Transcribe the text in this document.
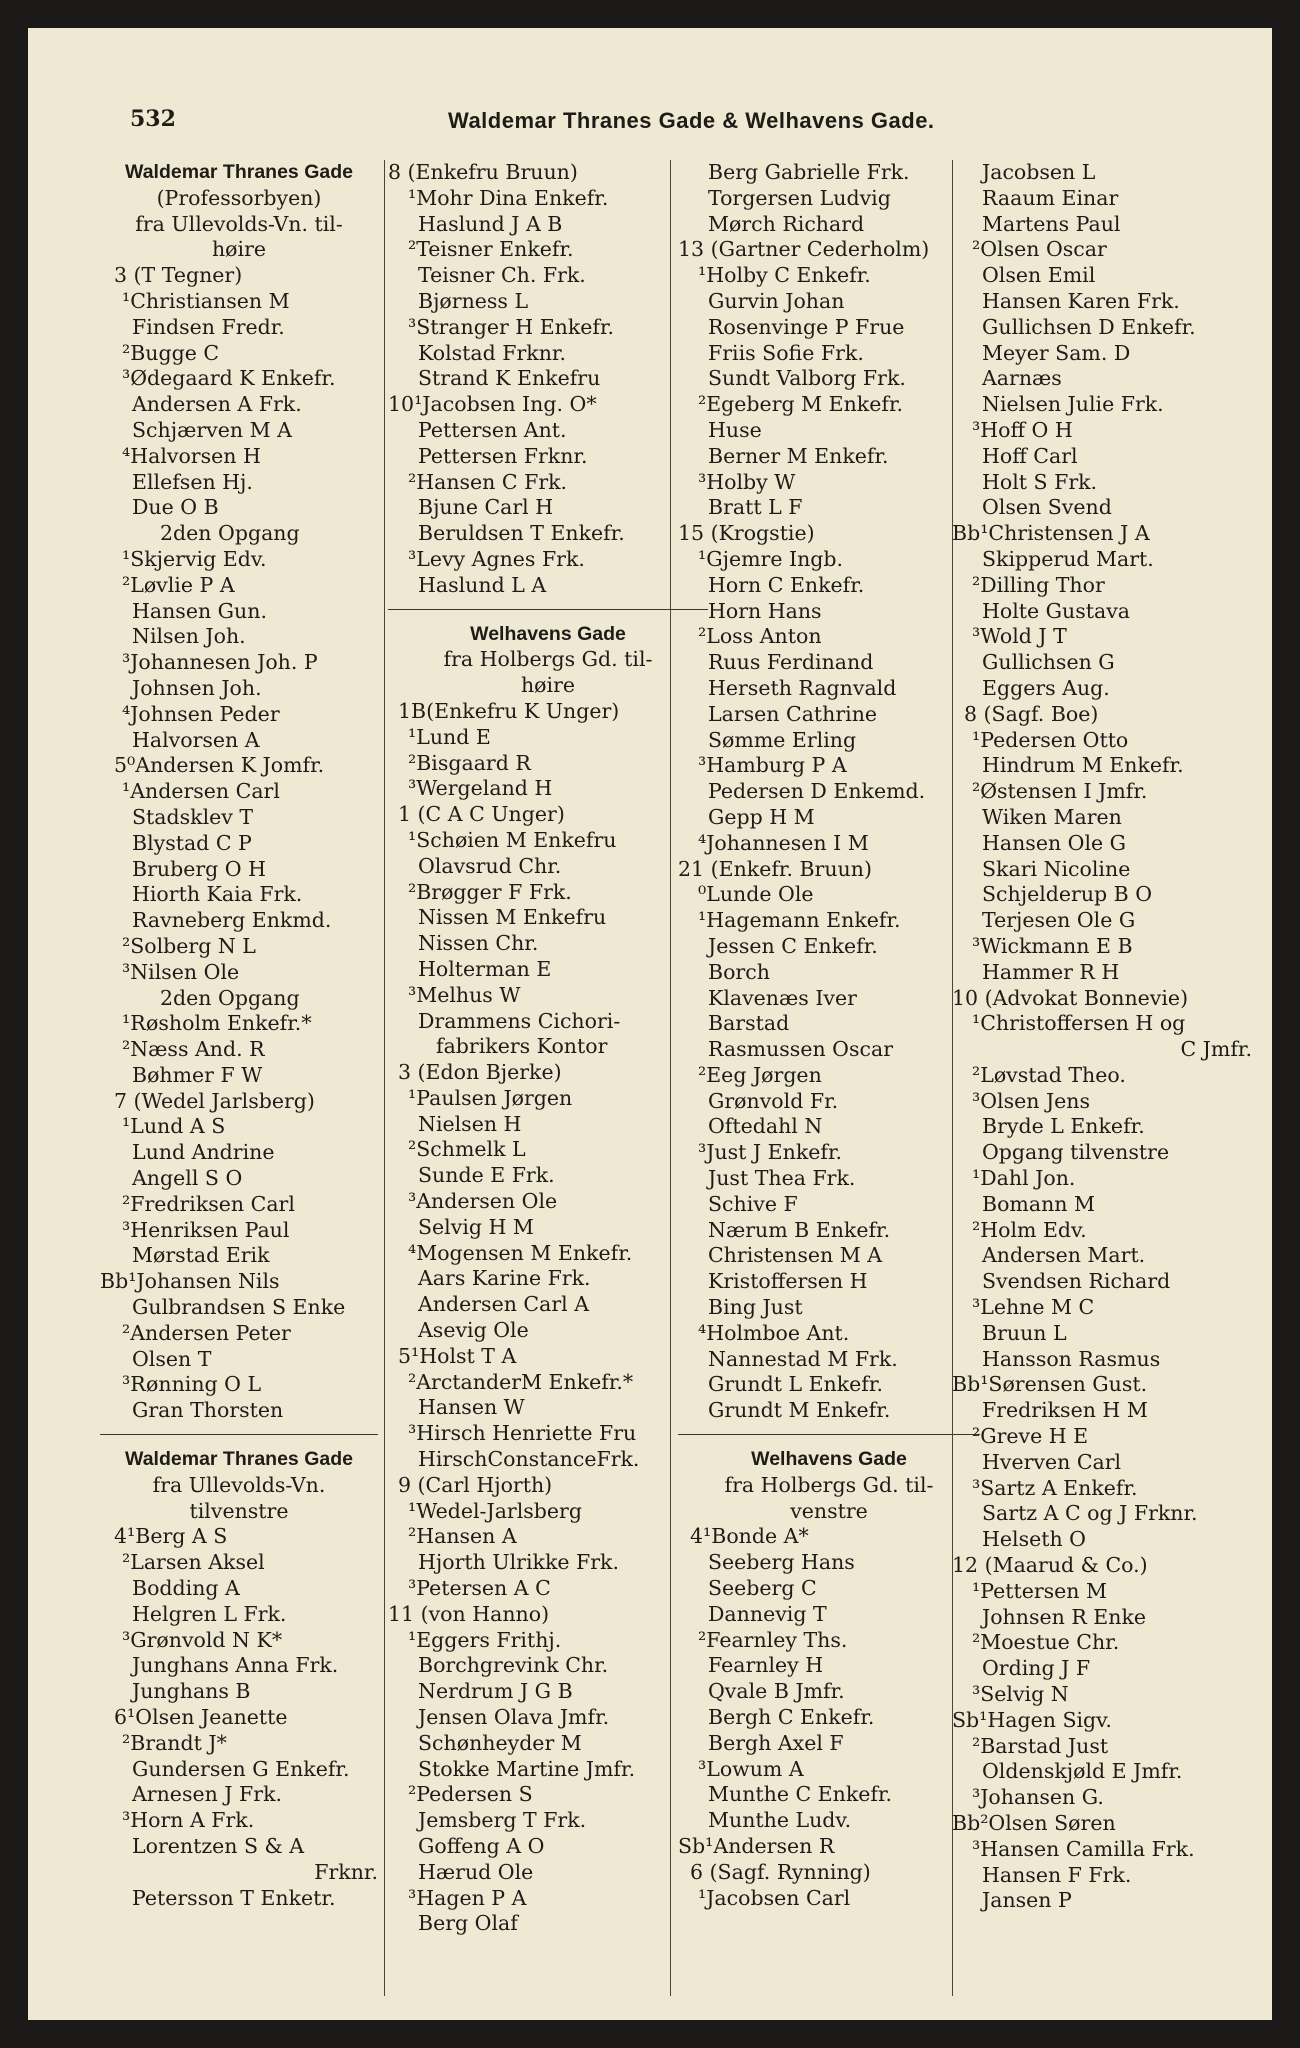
532	Waldemar Thranes Gade & Welhavens Gade.
Waldemar Thranes Gade
(Professorbyen)
fra Ullevolds-Vn. til-
høire
3 (T Tegner)
¹Christiansen M
Findsen Fredr.
²Bugge C
³Ødegaard K Enkefr.
Andersen A Frk.
Schjærven M A
⁴Halvorsen H
Ellefsen Hj.
Due O B
2den Opgang
¹Skjervig Edv.
²Løvlie P A
Hansen Gun.
Nilsen Joh.
³Johannesen Joh. P
Johnsen Joh.
⁴Johnsen Peder
Halvorsen A
5⁰Andersen K Jomfr.
¹Andersen Carl
Stadsklev T
Blystad C P
Bruberg O H
Hiorth Kaia Frk.
Ravneberg Enkmd.
²Solberg N L
³Nilsen Ole
2den Opgang
¹Røsholm Enkefr.*
²Næss And. R
Bøhmer F W
7 (Wedel Jarlsberg)
¹Lund A S
Lund Andrine
Angell S O
²Fredriksen Carl
³Henriksen Paul
Mørstad Erik
Bb¹Johansen Nils
Gulbrandsen S Enke
²Andersen Peter
Olsen T
³Rønning O L
Gran Thorsten
Waldemar Thranes Gade
fra Ullevolds-Vn.
tilvenstre
4¹Berg A S
²Larsen Aksel
Bodding A
Helgren L Frk.
³Grønvold N K*
Junghans Anna Frk.
Junghans B
6¹Olsen Jeanette
²Brandt J*
Gundersen G Enkefr.
Arnesen J Frk.
³Horn A Frk.
Lorentzen S & A
Frknr.
Petersson T Enketr.
8 (Enkefru Bruun)
¹Mohr Dina Enkefr.
Haslund J A B
²Teisner Enkefr.
Teisner Ch. Frk.
Bjørness L
³Stranger H Enkefr.
Kolstad Frknr.
Strand K Enkefru
10¹Jacobsen Ing. O*
Pettersen Ant.
Pettersen Frknr.
²Hansen C Frk.
Bjune Carl H
Beruldsen T Enkefr.
³Levy Agnes Frk.
Haslund L A
Welhavens Gade
fra Holbergs Gd. til-
høire
1B(Enkefru K Unger)
¹Lund E
²Bisgaard R
³Wergeland H
1 (C A C Unger)
¹Schøien M Enkefru
Olavsrud Chr.
²Brøgger F Frk.
Nissen M Enkefru
Nissen Chr.
Holterman E
³Melhus W
Drammens Cichori-
fabrikers Kontor
3 (Edon Bjerke)
¹Paulsen Jørgen
Nielsen H
²Schmelk L
Sunde E Frk.
³Andersen Ole
Selvig H M
⁴Mogensen M Enkefr.
Aars Karine Frk.
Andersen Carl A
Asevig Ole
5¹Holst T A
²ArctanderM Enkefr.*
Hansen W
³Hirsch Henriette Fru
HirschConstanceFrk.
9 (Carl Hjorth)
¹Wedel-Jarlsberg
²Hansen A
Hjorth Ulrikke Frk.
³Petersen A C
11 (von Hanno)
¹Eggers Frithj.
Borchgrevink Chr.
Nerdrum J G B
Jensen Olava Jmfr.
Schønheyder M
Stokke Martine Jmfr.
²Pedersen S
Jemsberg T Frk.
Goffeng A O
Hærud Ole
³Hagen P A
Berg Olaf
Berg Gabrielle Frk.
Torgersen Ludvig
Mørch Richard
13 (Gartner Cederholm)
¹Holby C Enkefr.
Gurvin Johan
Rosenvinge P Frue
Friis Sofie Frk.
Sundt Valborg Frk.
²Egeberg M Enkefr.
Huse
Berner M Enkefr.
³Holby W
Bratt L F
15 (Krogstie)
¹Gjemre Ingb.
Horn C Enkefr.
Horn Hans
²Loss Anton
Ruus Ferdinand
Herseth Ragnvald
Larsen Cathrine
Sømme Erling
³Hamburg P A
Pedersen D Enkemd.
Gepp H M
⁴Johannesen I M
21 (Enkefr. Bruun)
⁰Lunde Ole
¹Hagemann Enkefr.
Jessen C Enkefr.
Borch
Klavenæs Iver
Barstad
Rasmussen Oscar
²Eeg Jørgen
Grønvold Fr.
Oftedahl N
³Just J Enkefr.
Just Thea Frk.
Schive F
Nærum B Enkefr.
Christensen M A
Kristoffersen H
Bing Just
⁴Holmboe Ant.
Nannestad M Frk.
Grundt L Enkefr.
Grundt M Enkefr.
Welhavens Gade
fra Holbergs Gd. til-
venstre
4¹Bonde A*
Seeberg Hans
Seeberg C
Dannevig T
²Fearnley Ths.
Fearnley H
Qvale B Jmfr.
Bergh C Enkefr.
Bergh Axel F
³Lowum A
Munthe C Enkefr.
Munthe Ludv.
Sb¹Andersen R
6 (Sagf. Rynning)
¹Jacobsen Carl
Jacobsen L
Raaum Einar
Martens Paul
²Olsen Oscar
Olsen Emil
Hansen Karen Frk.
Gullichsen D Enkefr.
Meyer Sam. D
Aarnæs
Nielsen Julie Frk.
³Hoff O H
Hoff Carl
Holt S Frk.
Olsen Svend
Bb¹Christensen J A
Skipperud Mart.
²Dilling Thor
Holte Gustava
³Wold J T
Gullichsen G
Eggers Aug.
8 (Sagf. Boe)
¹Pedersen Otto
Hindrum M Enkefr.
²Østensen I Jmfr.
Wiken Maren
Hansen Ole G
Skari Nicoline
Schjelderup B O
Terjesen Ole G
³Wickmann E B
Hammer R H
10 (Advokat Bonnevie)
¹Christoffersen H og
C Jmfr.
²Løvstad Theo.
³Olsen Jens
Bryde L Enkefr.
Opgang tilvenstre
¹Dahl Jon.
Bomann M
²Holm Edv.
Andersen Mart.
Svendsen Richard
³Lehne M C
Bruun L
Hansson Rasmus
Bb¹Sørensen Gust.
Fredriksen H M
²Greve H E
Hverven Carl
³Sartz A Enkefr.
Sartz A C og J Frknr.
Helseth O
12 (Maarud & Co.)
¹Pettersen M
Johnsen R Enke
²Moestue Chr.
Ording J F
³Selvig N
Sb¹Hagen Sigv.
²Barstad Just
Oldenskjøld E Jmfr.
³Johansen G.
Bb²Olsen Søren
³Hansen Camilla Frk.
Hansen F Frk.
Jansen P
